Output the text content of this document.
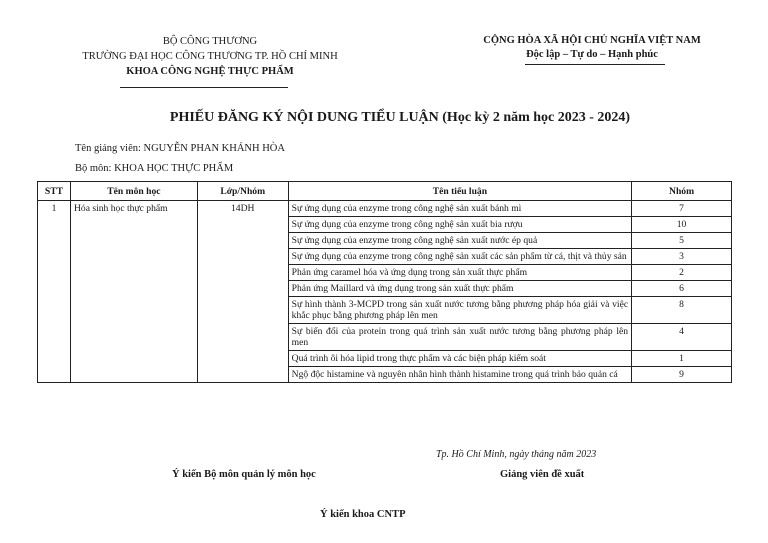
BỘ CÔNG THƯƠNG
TRƯỜNG ĐẠI HỌC CÔNG THƯƠNG TP. HỒ CHÍ MINH
KHOA CÔNG NGHỆ THỰC PHẨM
CỘNG HÒA XÃ HỘI CHỦ NGHĨA VIỆT NAM
Độc lập – Tự do – Hạnh phúc
PHIẾU ĐĂNG KÝ NỘI DUNG TIỂU LUẬN (Học kỳ 2 năm học 2023 - 2024)
Tên giảng viên: NGUYỄN PHAN KHÁNH HÒA
Bộ môn: KHOA HỌC THỰC PHẨM
STT	Tên môn học	Lớp/Nhóm	Tên tiểu luận	Nhóm
1	Hóa sinh học thực phẩm	14DH	Sự ứng dụng của enzyme trong công nghệ sản xuất bánh mì	7
			Sự ứng dụng của enzyme trong công nghệ sản xuất bia rượu	10
			Sự ứng dụng của enzyme trong công nghệ sản xuất nước ép quả	5
			Sự ứng dụng của enzyme trong công nghệ sản xuất các sản phẩm từ cá, thịt và thủy sản	3
			Phản ứng caramel hóa và ứng dụng trong sản xuất thực phẩm	2
			Phản ứng Maillard và ứng dụng trong sản xuất thực phẩm	6
			Sự hình thành 3-MCPD trong sản xuất nước tương bằng phương pháp hóa giải và việc khắc phục bằng phương pháp lên men	8
			Sự biến đổi của protein trong quá trình sản xuất nước tương bằng phương pháp lên men	4
			Quá trình ôi hóa lipid trong thực phẩm và các biện pháp kiểm soát	1
			Ngộ độc histamine và nguyên nhân hình thành histamine trong quá trình bảo quản cá	9
Tp. Hồ Chí Minh, ngày tháng năm 2023
Ý kiến Bộ môn quản lý môn học	Giảng viên đề xuất
Ý kiến khoa CNTP
